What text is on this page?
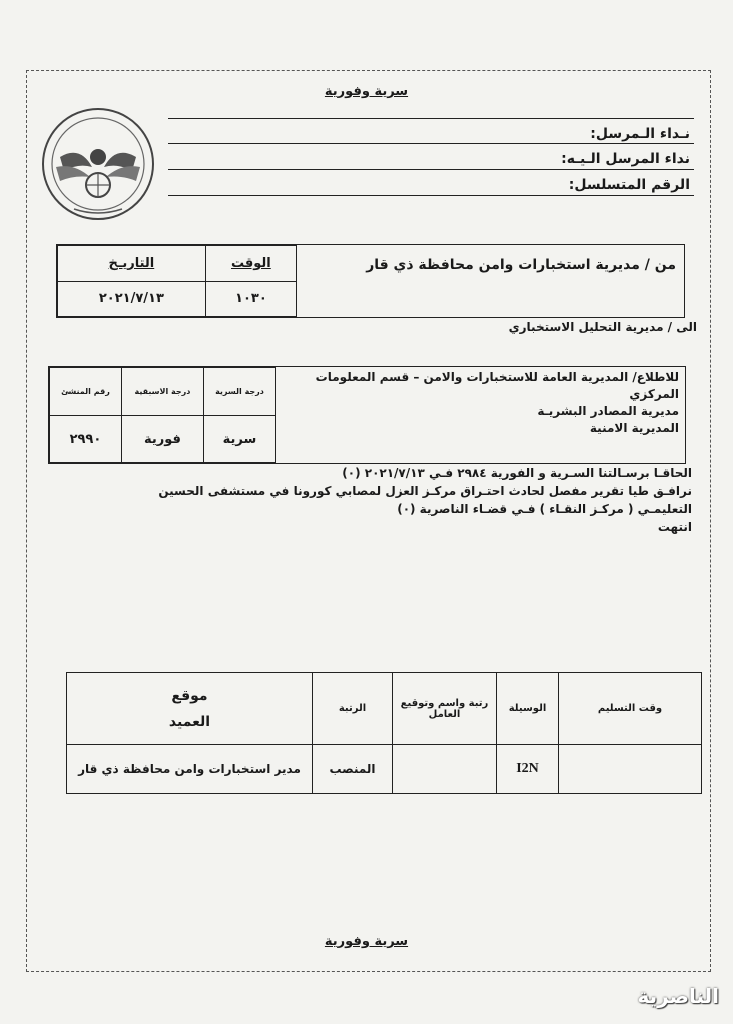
سرية وفورية
نـداء الـمرسل:
نداء المرسل الـيـه:
الرقم المتسلسل:
من / مديرية استخبارات وامن محافظة ذي قار
التاريـخ	الوقت
٢٠٢١/٧/١٣	١٠٣٠
الى / مديرية التحليل الاستخباري
للاطلاع/ المديرية العامة للاستخبارات والامن – قسم المعلومات المركزي
مديرية المصادر البشريـة
المديرية الامنية
رقم المنشئ	درجة الاسبقية	درجة السرية
٢٩٩٠	فورية	سرية
الحاقـا برسـالتنا السـرية و الفورية ٢٩٨٤ فـي ٢٠٢١/٧/١٣ (٠)
نرافـق طيا تقرير مفصل لحادث احتـراق مركـز العزل لمصابي كورونا في مستشفى الحسين
التعليمـي ( مركـز النقـاء ) فـي قضـاء الناصرية (٠)
انتهت
موقع
العميد	الرتبة	رتبة واسم وتوقيع العامل	الوسيلة	وقت التسليم
مدير استخبارات وامن محافظة ذي قار	المنصب		I2N	
سرية وفورية
الناصرية
